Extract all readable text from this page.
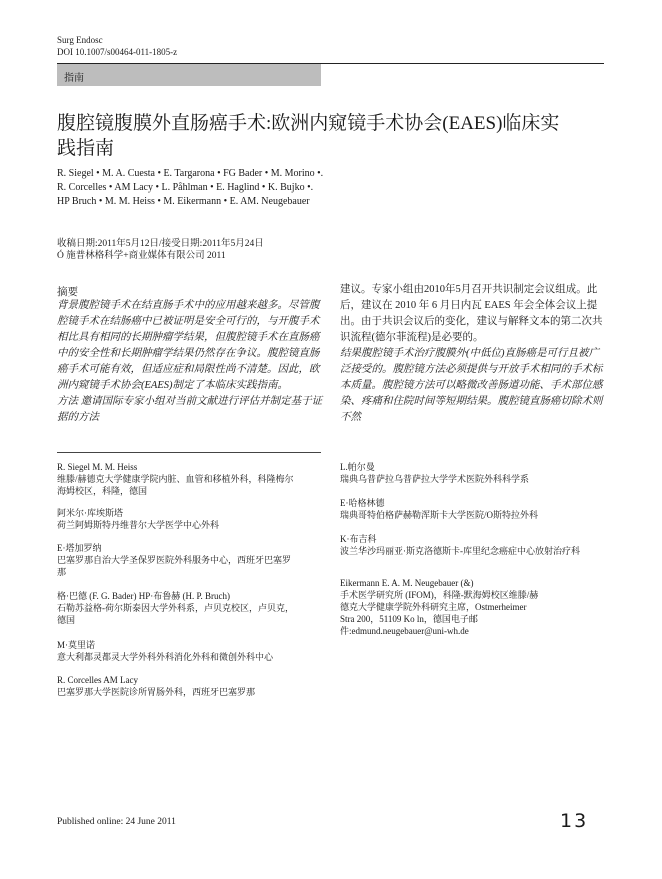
Surg Endosc
DOI 10.1007/s00464-011-1805-z
指南
腹腔镜腹膜外直肠癌手术:欧洲内窥镜手术协会(EAES)临床实践指南
R. Siegel • M. A. Cuesta • E. Targarona • FG Bader • M. Morino •.
R. Corcelles • AM Lacy • L. Påhlman • E. Haglind • K. Bujko •.
HP Bruch • M. M. Heiss • M. Eikermann • E. AM. Neugebauer
收稿日期:2011年5月12日/接受日期:2011年5月24日
Ó 施普林格科学+商业媒体有限公司 2011
摘要
背景腹腔镜手术在结直肠手术中的应用越来越多。尽管腹腔镜手术在结肠癌中已被证明是安全可行的，与开腹手术相比具有相同的长期肿瘤学结果，但腹腔镜手术在直肠癌中的安全性和长期肿瘤学结果仍然存在争议。腹腔镜直肠癌手术可能有效，但适应症和局限性尚不清楚。因此，欧洲内窥镜手术协会(EAES)制定了本临床实践指南。
方法 邀请国际专家小组对当前文献进行评估并制定基于证据的方法
建议。专家小组由2010年5月召开共识制定会议组成。此后，建议在 2010 年 6 月日内瓦 EAES 年会全体会议上提出。由于共识会议后的变化，建议与解释文本的第二次共识流程(德尔菲流程)是必要的。
结果腹腔镜手术治疗腹膜外(中低位)直肠癌是可行且被广泛接受的。腹腔镜方法必须提供与开放手术相同的手术标本质量。腹腔镜方法可以略微改善肠道功能、手术部位感染、疼痛和住院时间等短期结果。腹腔镜直肠癌切除术则不然
R. Siegel M. M. Heiss
维滕/赫德克大学健康学院内脏、血管和移植外科，科隆梅尔海姆校区，科隆，德国
阿米尔·库埃斯塔
荷兰阿姆斯特丹维普尔大学医学中心外科
E·塔加罗纳
巴塞罗那自治大学圣保罗医院外科服务中心，西班牙巴塞罗那
格·巴德 (F. G. Bader) HP·布鲁赫 (H. P. Bruch)
石勒苏益格-荷尔斯泰因大学外科系，卢贝克校区，卢贝克，德国
M·莫里诺
意大利都灵都灵大学外科外科消化外科和微创外科中心
R. Corcelles AM Lacy
巴塞罗那大学医院诊所胃肠外科，西班牙巴塞罗那
L.帕尔曼
瑞典乌普萨拉乌普萨拉大学学术医院外科科学系
E·哈格林德
瑞典哥特伯格萨赫勒浑斯卡大学医院/O斯特拉外科
K·布吉科
波兰华沙玛丽亚·斯克洛德斯卡-库里纪念癌症中心放射治疗科
Eikermann E. A. M. Neugebauer (&)
手术医学研究所 (IFOM)，科隆-默海姆校区维滕/赫德克大学健康学院外科研究主席，Ostmerheimer Stra 200，51109 Ko ln，德国电子邮件:edmund.neugebauer@uni-wh.de
Published online: 24 June 2011	13
